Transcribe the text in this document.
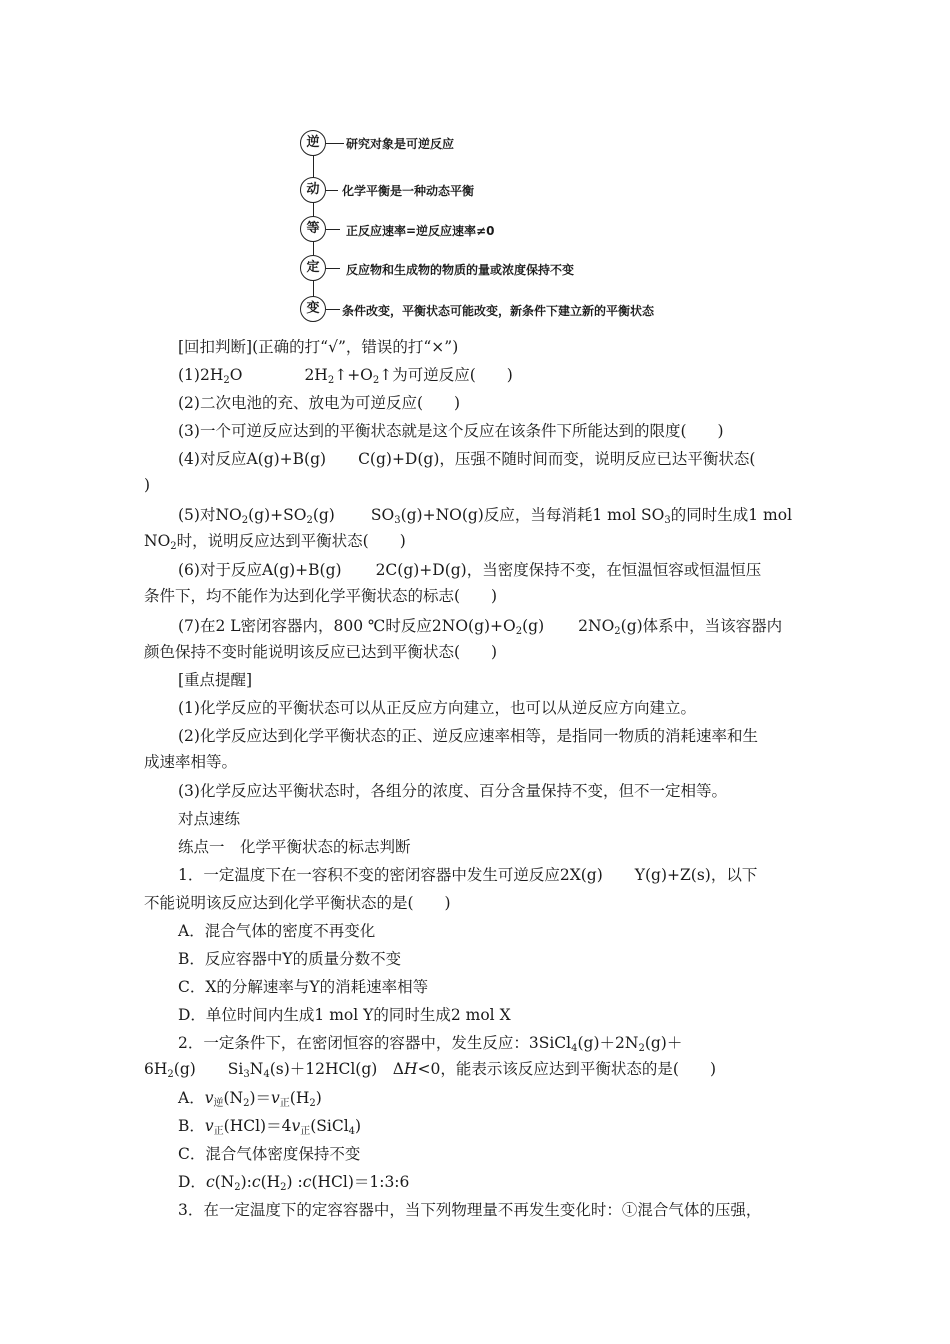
逆	研究对象是可逆反应
动	化学平衡是一种动态平衡
等	正反应速率=逆反应速率≠0
定	反应物和生成物的物质的量或浓度保持不变
变	条件改变，平衡状态可能改变，新条件下建立新的平衡状态
[回扣判断](正确的打“√”，错误的打“×”)
$(1)2H_2O$	$2H_2↑+O_2↑$为可逆反应(　　)
(2)二次电池的充、放电为可逆反应(　　)
(3)一个可逆反应达到的平衡状态就是这个反应在该条件下所能达到的限度(　　)
(4)对反应A(g)+B(g) C(g)+D(g)，压强不随时间而变，说明反应已达平衡状态(
)
(5)对$NO_2(g)+SO_2(g)$ $SO_3(g)+NO(g)$反应，当每消耗1 mol $SO_3$的同时生成1 mol
$NO_2$时，说明反应达到平衡状态(　　)
(6)对于反应A(g)+B(g) 2C(g)+D(g)，当密度保持不变，在恒温恒容或恒温恒压
条件下，均不能作为达到化学平衡状态的标志(　　)
(7)在2 L密闭容器内，800 ℃时反应$2NO(g)+O_2(g)$ $2NO_2(g)$体系中，当该容器内
颜色保持不变时能说明该反应已达到平衡状态(　　)
[重点提醒]
(1)化学反应的平衡状态可以从正反应方向建立，也可以从逆反应方向建立。
(2)化学反应达到化学平衡状态的正、逆反应速率相等，是指同一物质的消耗速率和生
成速率相等。
(3)化学反应达平衡状态时，各组分的浓度、百分含量保持不变，但不一定相等。
对点速练
练点一　化学平衡状态的标志判断
1．一定温度下在一容积不变的密闭容器中发生可逆反应2X(g) Y(g)+Z(s)，以下
不能说明该反应达到化学平衡状态的是(　　)
A．混合气体的密度不再变化
B．反应容器中Y的质量分数不变
C．X的分解速率与Y的消耗速率相等
D．单位时间内生成1 mol Y的同时生成2 mol X
2．一定条件下，在密闭恒容的容器中，发生反应：$3SiCl_4(g)+2N_2(g)+$
$6H_2(g)$ $Si_3N_4(s)+12HCl(g)$　ΔH<0，能表示该反应达到平衡状态的是(　　)
A．$v_逆(N_2)=v_正(H_2)$
B．$v_正(HCl)=4v_正(SiCl_4)$
C．混合气体密度保持不变
D．$c(N_2):c(H_2)$ :c(HCl)＝1:3:6
3．在一定温度下的定容容器中，当下列物理量不再发生变化时：①混合气体的压强，
